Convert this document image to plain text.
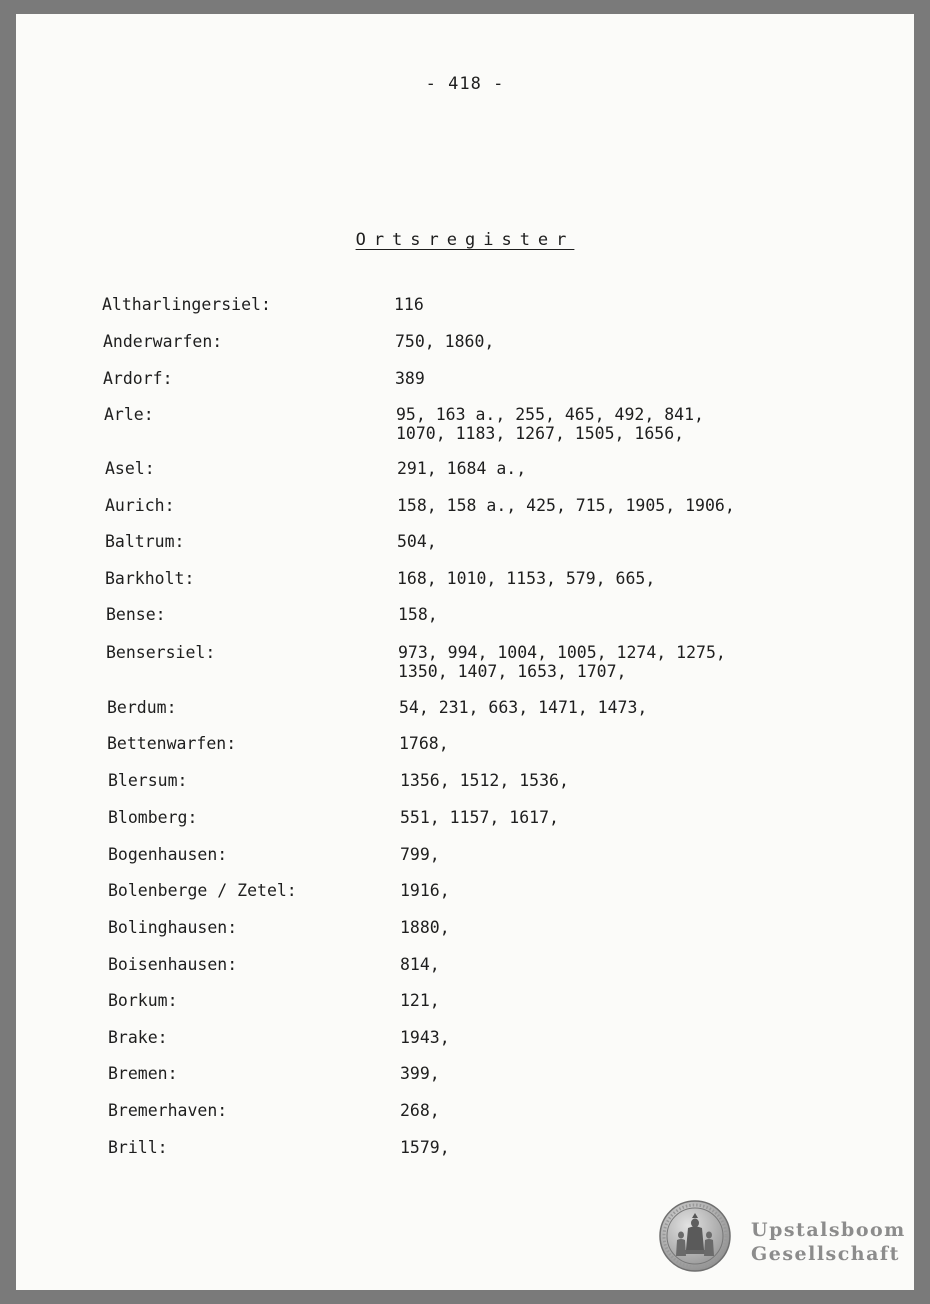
- 418 -
Ortsregister
Altharlingersiel:	116
Anderwarfen:	750, 1860,
Ardorf:	389
Arle:	95, 163 a., 255, 465, 492, 841,
1070, 1183, 1267, 1505, 1656,
Asel:	291, 1684 a.,
Aurich:	158, 158 a., 425, 715, 1905, 1906,
Baltrum:	504,
Barkholt:	168, 1010, 1153, 579, 665,
Bense:	158,
Bensersiel:	973, 994, 1004, 1005, 1274, 1275,
1350, 1407, 1653, 1707,
Berdum:	54, 231, 663, 1471, 1473,
Bettenwarfen:	1768,
Blersum:	1356, 1512, 1536,
Blomberg:	551, 1157, 1617,
Bogenhausen:	799,
Bolenberge / Zetel:	1916,
Bolinghausen:	1880,
Boisenhausen:	814,
Borkum:	121,
Brake:	1943,
Bremen:	399,
Bremerhaven:	268,
Brill:	1579,
Upstalsboom
Gesellschaft
